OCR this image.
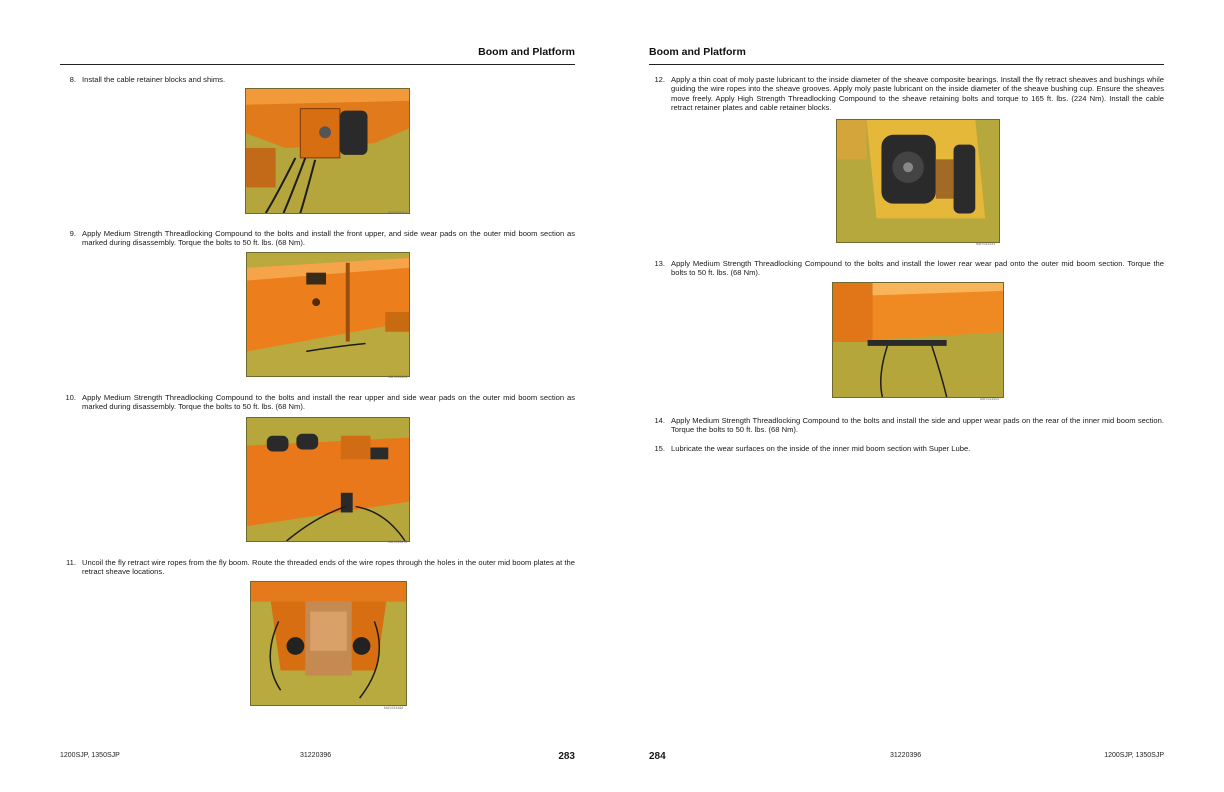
Boom and Platform
8. Install the cable retainer blocks and shims.
MAY053404
9. Apply Medium Strength Threadlocking Compound to the bolts and install the front upper, and side wear pads on the outer mid boom section as marked during disassembly. Torque the bolts to 50 ft. lbs. (68 Nm).
MAY053406
10. Apply Medium Strength Threadlocking Compound to the bolts and install the rear upper and side wear pads on the outer mid boom section as marked during disassembly. Torque the bolts to 50 ft. lbs. (68 Nm).
MAY053478
11. Uncoil the fly retract wire ropes from the fly boom. Route the threaded ends of the wire ropes through the holes in the outer mid boom plates at the retract sheave locations.
MAY053466
1200SJP, 1350SJP	31220396	283
Boom and Platform
12. Apply a thin coat of moly paste lubricant to the inside diameter of the sheave composite bearings. Install the fly retract sheaves and bushings while guiding the wire ropes into the sheave grooves. Apply moly paste lubricant on the inside diameter of the sheave bushing cup. Ensure the sheaves move freely. Apply High Strength Threadlocking Compound to the sheave retaining bolts and torque to 165 ft. lbs. (224 Nm). Install the cable retract retainer plates and cable retainer blocks.
MAY053444
13. Apply Medium Strength Threadlocking Compound to the bolts and install the lower rear wear pad onto the outer mid boom section. Torque the bolts to 50 ft. lbs. (68 Nm).
MAY053500
14. Apply Medium Strength Threadlocking Compound to the bolts and install the side and upper wear pads on the rear of the inner mid boom section. Torque the bolts to 50 ft. lbs. (68 Nm).
15. Lubricate the wear surfaces on the inside of the inner mid boom section with Super Lube.
284	31220396	1200SJP, 1350SJP
